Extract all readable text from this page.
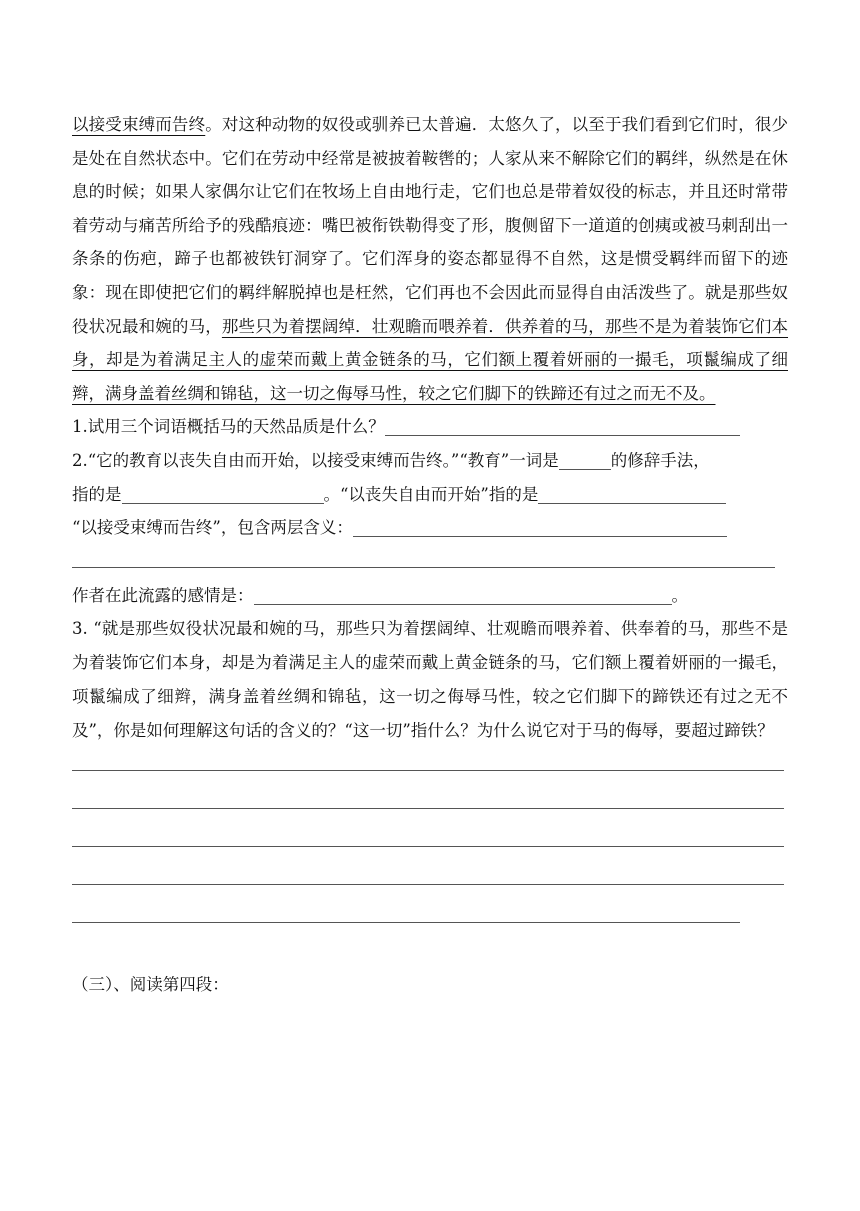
以接受束缚而告终。对这种动物的奴役或驯养已太普遍．太悠久了，以至于我们看到它们时，很少是处在自然状态中。它们在劳动中经常是被披着鞍辔的；人家从来不解除它们的羁绊，纵然是在休息的时候；如果人家偶尔让它们在牧场上自由地行走，它们也总是带着奴役的标志，并且还时常带着劳动与痛苦所给予的残酷痕迹：嘴巴被衔铁勒得变了形，腹侧留下一道道的创痍或被马刺刮出一条条的伤疤，蹄子也都被铁钉洞穿了。它们浑身的姿态都显得不自然，这是惯受羁绊而留下的迹象：现在即使把它们的羁绊解脱掉也是枉然，它们再也不会因此而显得自由活泼些了。就是那些奴役状况最和婉的马，那些只为着摆阔绰．壮观瞻而喂养着．供养着的马，那些不是为着装饰它们本身，却是为着满足主人的虚荣而戴上黄金链条的马，它们额上覆着妍丽的一撮毛，项鬣编成了细辫，满身盖着丝绸和锦毡，这一切之侮辱马性，较之它们脚下的铁蹄还有过之而无不及。

1.试用三个词语概括马的天然品质是什么？
2.“它的教育以丧失自由而开始，以接受束缚而告终。”“教育”一词是	的修辞手法，
指的是	。“以丧失自由而开始”指的是
“以接受束缚而告终”，包含两层含义：
作者在此流露的感情是：	。

3. “就是那些奴役状况最和婉的马，那些只为着摆阔绰、壮观瞻而喂养着、供奉着的马，那些不是为着装饰它们本身，却是为着满足主人的虚荣而戴上黄金链条的马，它们额上覆着妍丽的一撮毛，项鬣编成了细辫，满身盖着丝绸和锦毡，这一切之侮辱马性，较之它们脚下的蹄铁还有过之无不及”，你是如何理解这句话的含义的？“这一切”指什么？为什么说它对于马的侮辱，要超过蹄铁？

（三）、阅读第四段：
